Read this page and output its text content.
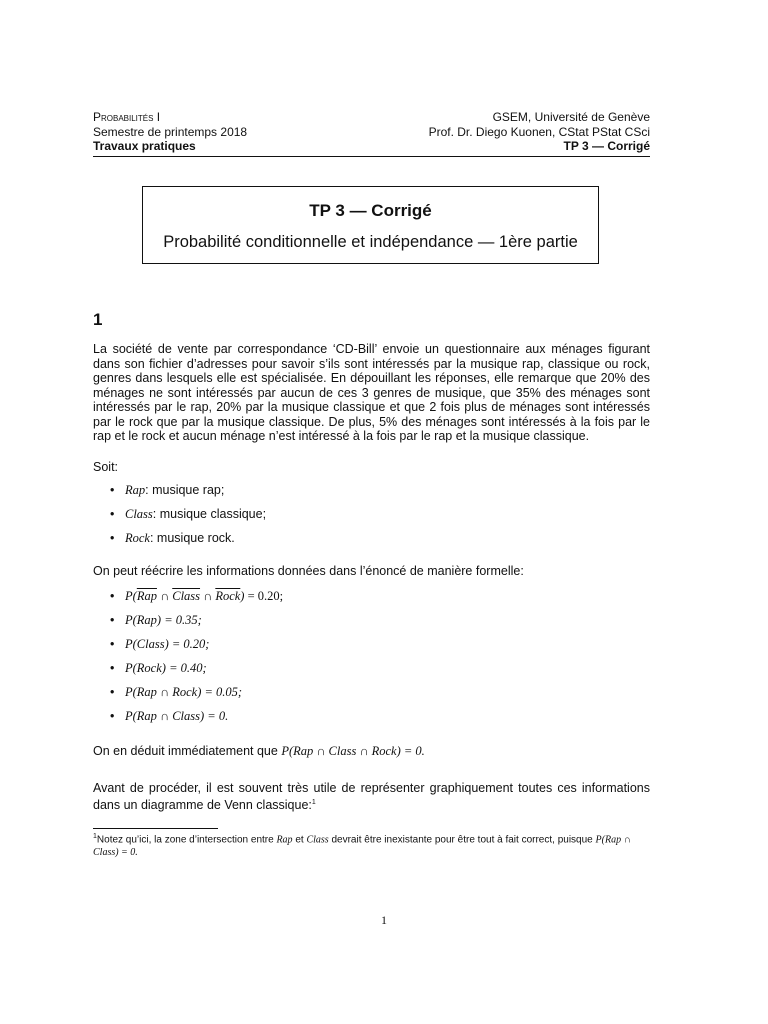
Probabilités I	GSEM, Université de Genève
Semestre de printemps 2018	Prof. Dr. Diego Kuonen, CStat PStat CSci
Travaux pratiques	TP 3 — Corrigé
TP 3 — Corrigé
Probabilité conditionnelle et indépendance — 1ère partie
1
La société de vente par correspondance ‘CD-Bill’ envoie un questionnaire aux ménages figurant dans son fichier d’adresses pour savoir s’ils sont intéressés par la musique rap, classique ou rock, genres dans lesquels elle est spécialisée. En dépouillant les réponses, elle remarque que 20% des ménages ne sont intéressés par aucun de ces 3 genres de musique, que 35% des ménages sont intéressés par le rap, 20% par la musique classique et que 2 fois plus de ménages sont intéressés par le rock que par la musique classique. De plus, 5% des ménages sont intéressés à la fois par le rap et le rock et aucun ménage n’est intéressé à la fois par le rap et la musique classique.
Soit:
• Rap: musique rap;
• Class: musique classique;
• Rock: musique rock.
On peut réécrire les informations données dans l’énoncé de manière formelle:
• $P(\overline{Rap}$ ∩ Class ∩ Rock) = 0.20;
• P(Rap) = 0.35;
• P(Class) = 0.20;
• P(Rock) = 0.40;
• P(Rap ∩ Rock) = 0.05;
• P(Rap ∩ Class) = 0.
On en déduit immédiatement que P(Rap ∩ Class ∩ Rock) = 0.
Avant de procéder, il est souvent très utile de représenter graphiquement toutes ces informations dans un diagramme de Venn classique:$^1$
$^1$Notez qu’ici, la zone d’intersection entre Rap et Class devrait être inexistante pour être tout à fait correct, puisque P(Rap ∩ Class) = 0.
1
